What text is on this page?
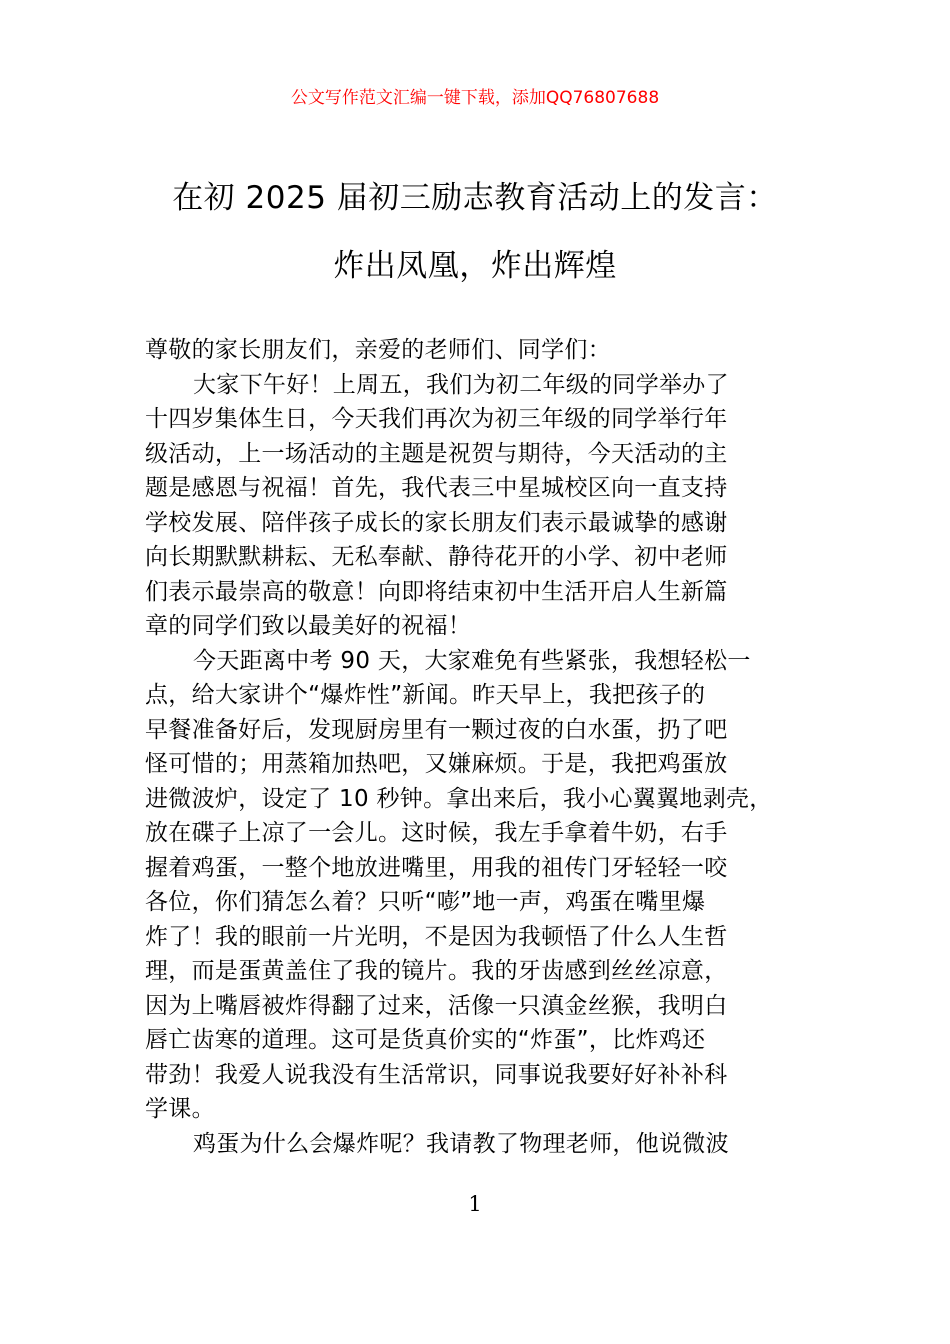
公文写作范文汇编一键下载，添加QQ76807688
在初 2025 届初三励志教育活动上的发言：
炸出凤凰，炸出辉煌
尊敬的家长朋友们，亲爱的老师们、同学们：
大家下午好！上周五，我们为初二年级的同学举办了
十四岁集体生日，今天我们再次为初三年级的同学举行年
级活动，上一场活动的主题是祝贺与期待，今天活动的主
题是感恩与祝福！首先，我代表三中星城校区向一直支持
学校发展、陪伴孩子成长的家长朋友们表示最诚挚的感谢
向长期默默耕耘、无私奉献、静待花开的小学、初中老师
们表示最崇高的敬意！向即将结束初中生活开启人生新篇
章的同学们致以最美好的祝福！
今天距离中考 90 天，大家难免有些紧张，我想轻松一
点，给大家讲个“爆炸性”新闻。昨天早上，我把孩子的
早餐准备好后，发现厨房里有一颗过夜的白水蛋，扔了吧
怪可惜的；用蒸箱加热吧，又嫌麻烦。于是，我把鸡蛋放
进微波炉，设定了 10 秒钟。拿出来后，我小心翼翼地剥壳，
放在碟子上凉了一会儿。这时候，我左手拿着牛奶，右手
握着鸡蛋，一整个地放进嘴里，用我的祖传门牙轻轻一咬
各位，你们猜怎么着？只听“嘭”地一声，鸡蛋在嘴里爆
炸了！我的眼前一片光明，不是因为我顿悟了什么人生哲
理，而是蛋黄盖住了我的镜片。我的牙齿感到丝丝凉意，
因为上嘴唇被炸得翻了过来，活像一只滇金丝猴，我明白
唇亡齿寒的道理。这可是货真价实的“炸蛋”，比炸鸡还
带劲！我爱人说我没有生活常识，同事说我要好好补补科
学课。
鸡蛋为什么会爆炸呢？我请教了物理老师，他说微波
1
